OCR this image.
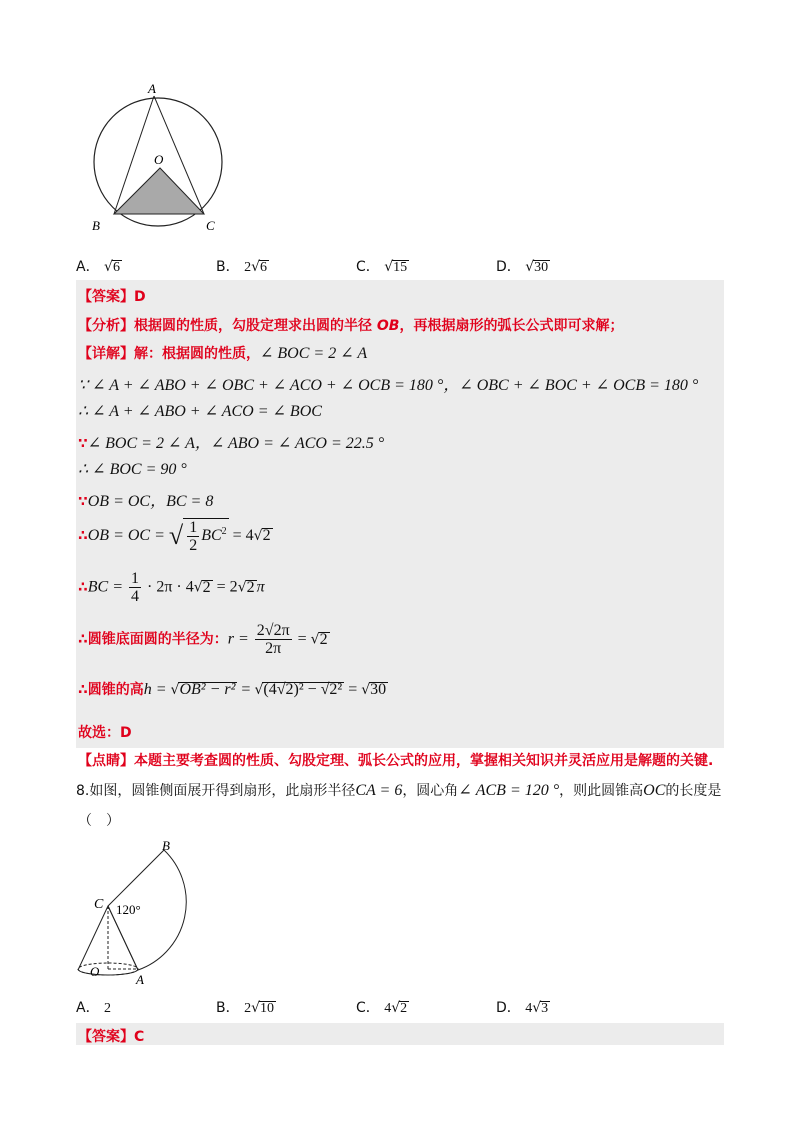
A
O
B	C
A． √6	B． 2√6	C． √15	D． √30
【答案】D
【分析】根据圆的性质，勾股定理求出圆的半径 OB，再根据扇形的弧长公式即可求解；
【详解】解：根据圆的性质，∠ BOC = 2 ∠ A
∵ ∠ A + ∠ ABO + ∠ OBC + ∠ ACO + ∠ OCB = 180 °，∠ OBC + ∠ BOC + ∠ OCB = 180 °
∴ ∠ A + ∠ ABO + ∠ ACO = ∠ BOC
∵∠ BOC = 2 ∠ A，∠ ABO = ∠ ACO = 22.5 °
∴ ∠ BOC = 90 °
∵OB = OC，BC = 8
∴OB = OC = √ $\frac{1}{2} BC^2 = 4√2$
∴BC = $\frac{1}{4} \cdot 2\pi \cdot 4√2 = 2√2$ π
∴圆锥底面圆的半径为：$r = \frac{2√2\pi}{2\pi} = √2$
∴圆锥的高h = √OB² − r² = √(4√2)² − √2² = √30
故选：D
【点睛】本题主要考查圆的性质、勾股定理、弧长公式的应用，掌握相关知识并灵活应用是解题的关键.
8.如图，圆锥侧面展开得到扇形，此扇形半径CA = 6，圆心角∠ ACB = 120 °，则此圆锥高OC的长度是
（　）
B
C 120°
O
A
A． 2	B． 2√10	C． 4√2	D． 4√3
【答案】C
